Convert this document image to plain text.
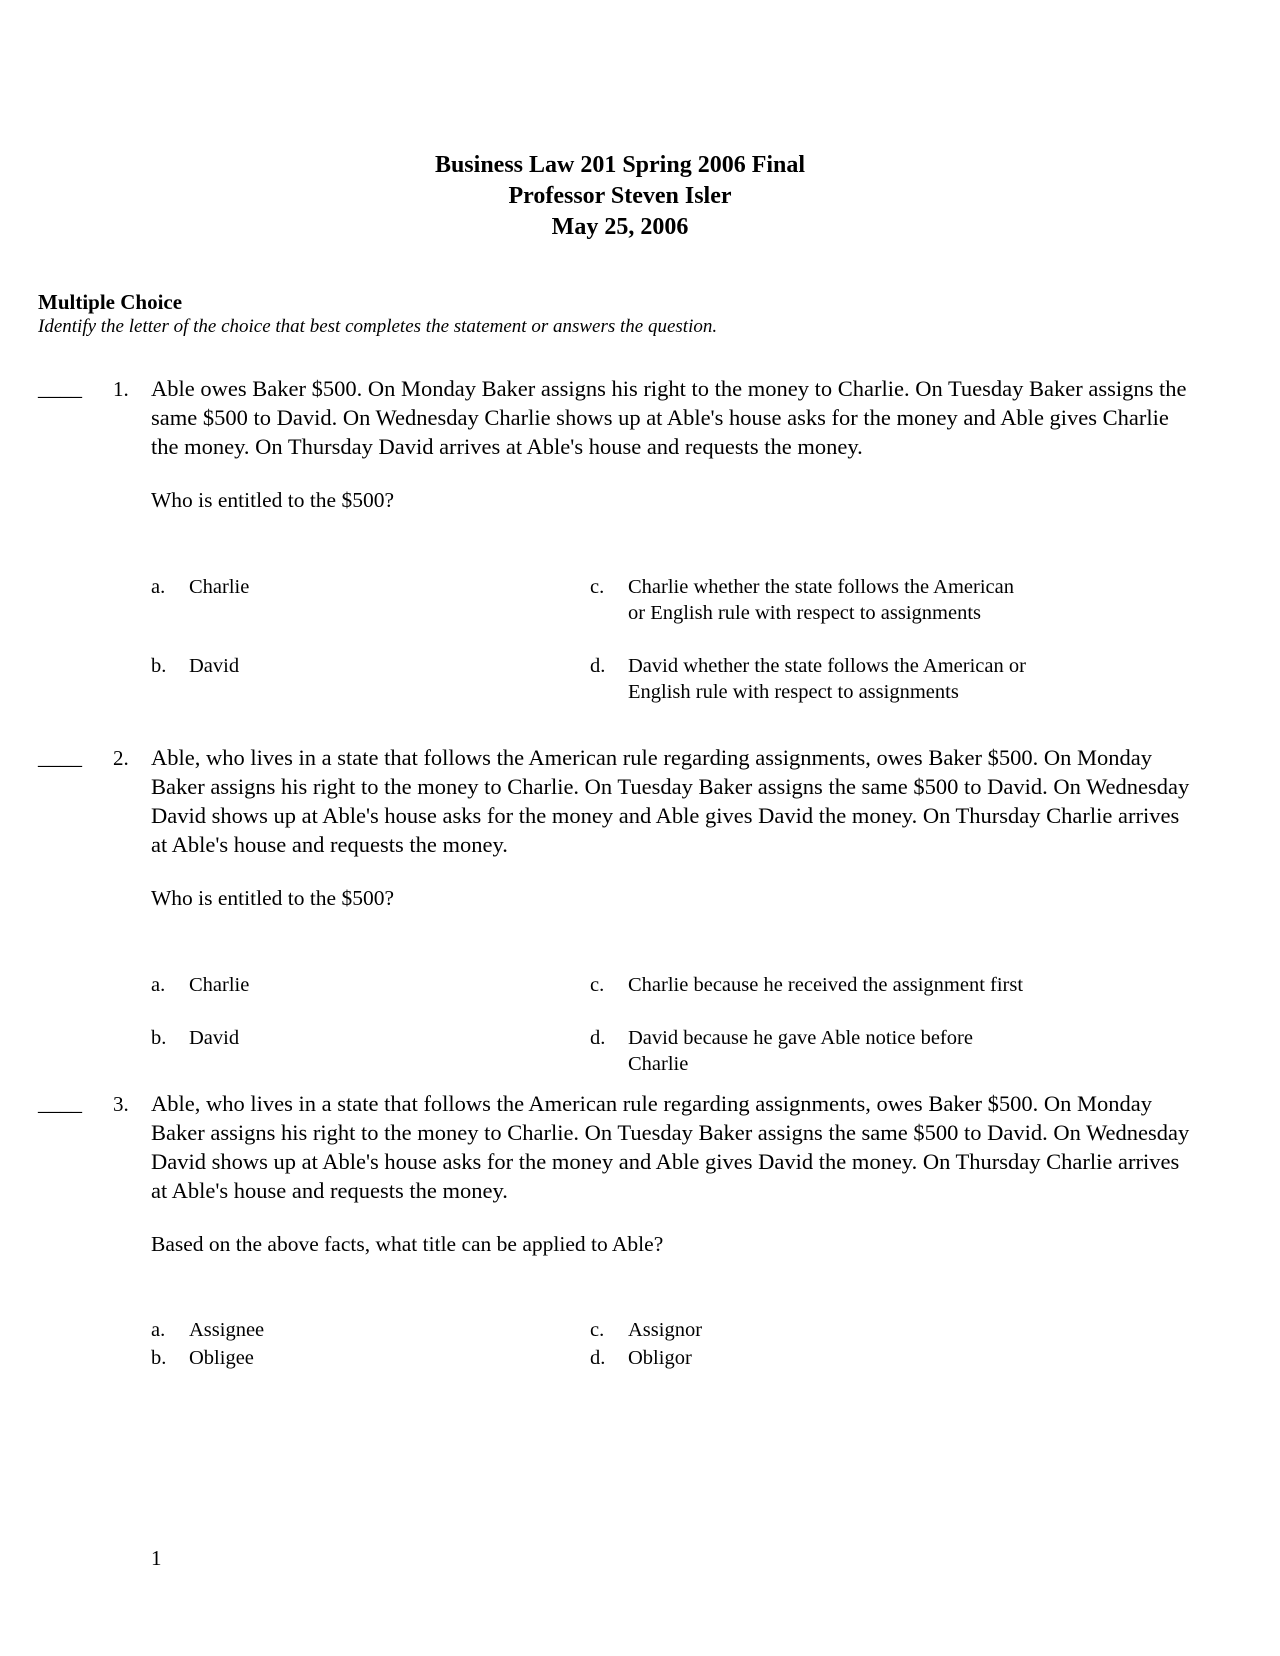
Business Law 201 Spring 2006 Final
Professor Steven Isler
May 25, 2006
Multiple Choice
Identify the letter of the choice that best completes the statement or answers the question.
____ 1. Able owes Baker $500. On Monday Baker assigns his right to the money to Charlie. On Tuesday Baker assigns the same $500 to David. On Wednesday Charlie shows up at Able's house asks for the money and Able gives Charlie the money. On Thursday David arrives at Able's house and requests the money.
Who is entitled to the $500?
a. Charlie
b. David
c. Charlie whether the state follows the American or English rule with respect to assignments
d. David whether the state follows the American or English rule with respect to assignments
____ 2. Able, who lives in a state that follows the American rule regarding assignments, owes Baker $500. On Monday Baker assigns his right to the money to Charlie. On Tuesday Baker assigns the same $500 to David. On Wednesday David shows up at Able's house asks for the money and Able gives David the money. On Thursday Charlie arrives at Able's house and requests the money.
Who is entitled to the $500?
a. Charlie
b. David
c. Charlie because he received the assignment first
d. David because he gave Able notice before Charlie
____ 3. Able, who lives in a state that follows the American rule regarding assignments, owes Baker $500. On Monday Baker assigns his right to the money to Charlie. On Tuesday Baker assigns the same $500 to David. On Wednesday David shows up at Able's house asks for the money and Able gives David the money. On Thursday Charlie arrives at Able's house and requests the money.
Based on the above facts, what title can be applied to Able?
a. Assignee
b. Obligee
c. Assignor
d. Obligor
1
